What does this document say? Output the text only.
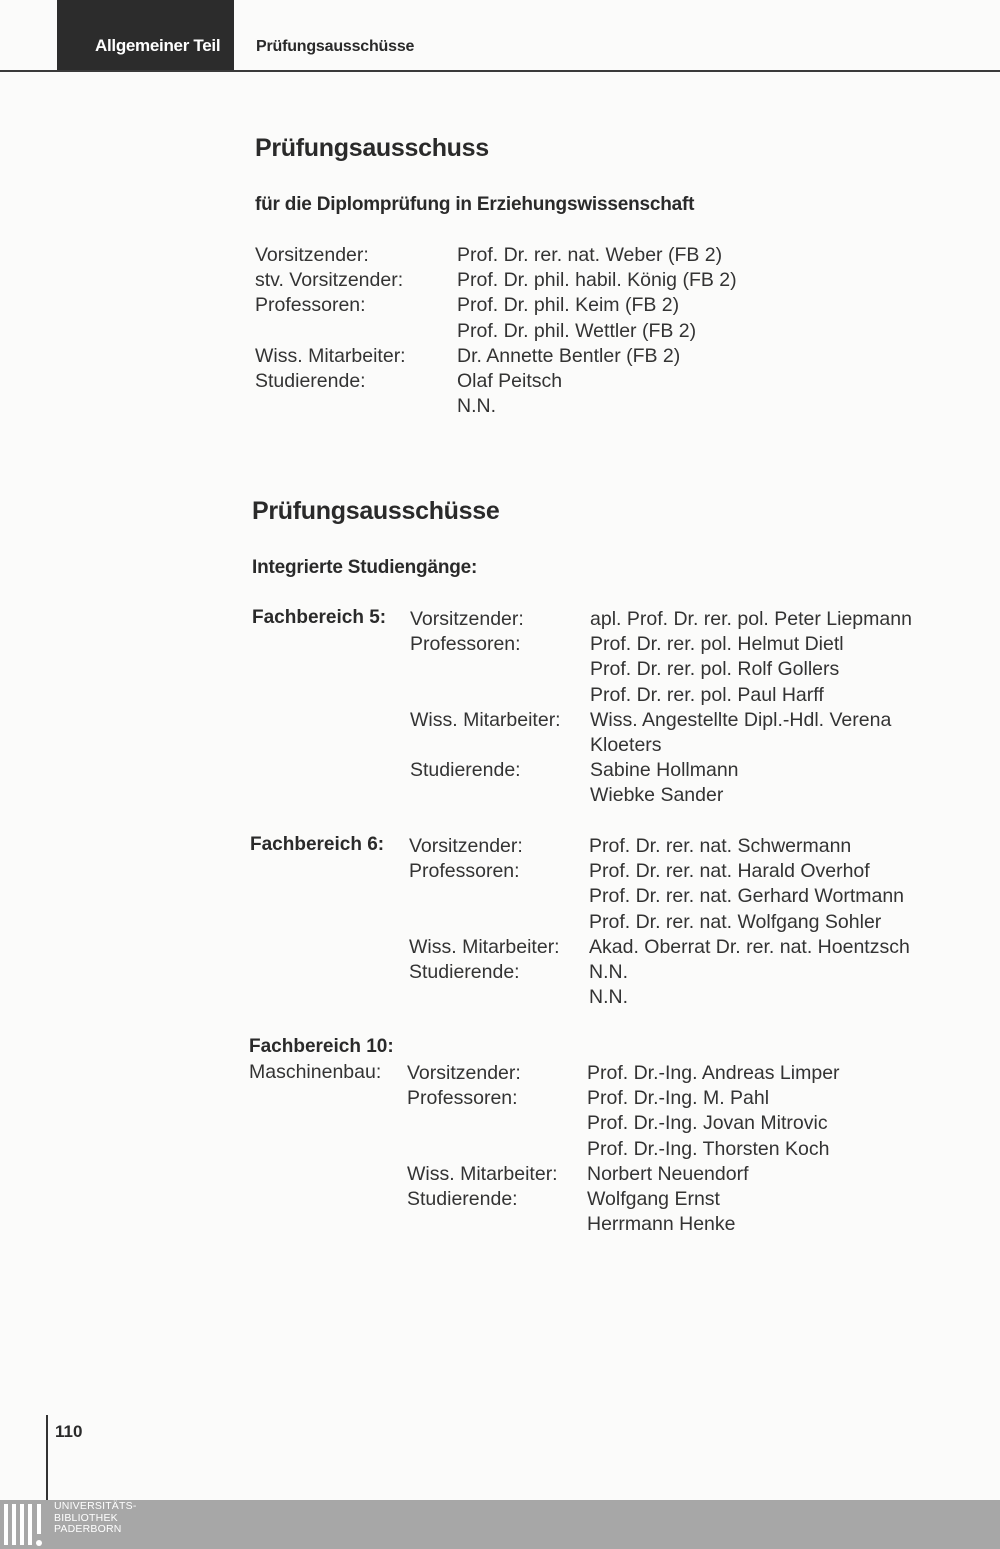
Allgemeiner Teil	Prüfungsausschüsse
Prüfungsausschuss
für die Diplomprüfung in Erziehungswissenschaft
Vorsitzender:	Prof. Dr. rer. nat. Weber (FB 2)
stv. Vorsitzender:	Prof. Dr. phil. habil. König (FB 2)
Professoren:	Prof. Dr. phil. Keim (FB 2)
Prof. Dr. phil. Wettler (FB 2)
Wiss. Mitarbeiter:	Dr. Annette Bentler (FB 2)
Studierende:	Olaf Peitsch
N.N.
Prüfungsausschüsse
Integrierte Studiengänge:
Fachbereich 5: Vorsitzender:	apl. Prof. Dr. rer. pol. Peter Liepmann
Professoren:	Prof. Dr. rer. pol. Helmut Dietl
Prof. Dr. rer. pol. Rolf Gollers
Prof. Dr. rer. pol. Paul Harff
Wiss. Mitarbeiter:	Wiss. Angestellte Dipl.-Hdl. Verena
Kloeters
Studierende:	Sabine Hollmann
Wiebke Sander
Fachbereich 6: Vorsitzender:	Prof. Dr. rer. nat. Schwermann
Professoren:	Prof. Dr. rer. nat. Harald Overhof
Prof. Dr. rer. nat. Gerhard Wortmann
Prof. Dr. rer. nat. Wolfgang Sohler
Wiss. Mitarbeiter:	Akad. Oberrat Dr. rer. nat. Hoentzsch
Studierende:	N.N.
N.N.
Fachbereich 10:
Maschinenbau: Vorsitzender:	Prof. Dr.-Ing. Andreas Limper
Professoren:	Prof. Dr.-Ing. M. Pahl
Prof. Dr.-Ing. Jovan Mitrovic
Prof. Dr.-Ing. Thorsten Koch
Wiss. Mitarbeiter:	Norbert Neuendorf
Studierende:	Wolfgang Ernst
Herrmann Henke
110
UNIVERSITÄTS-
BIBLIOTHEK
PADERBORN
